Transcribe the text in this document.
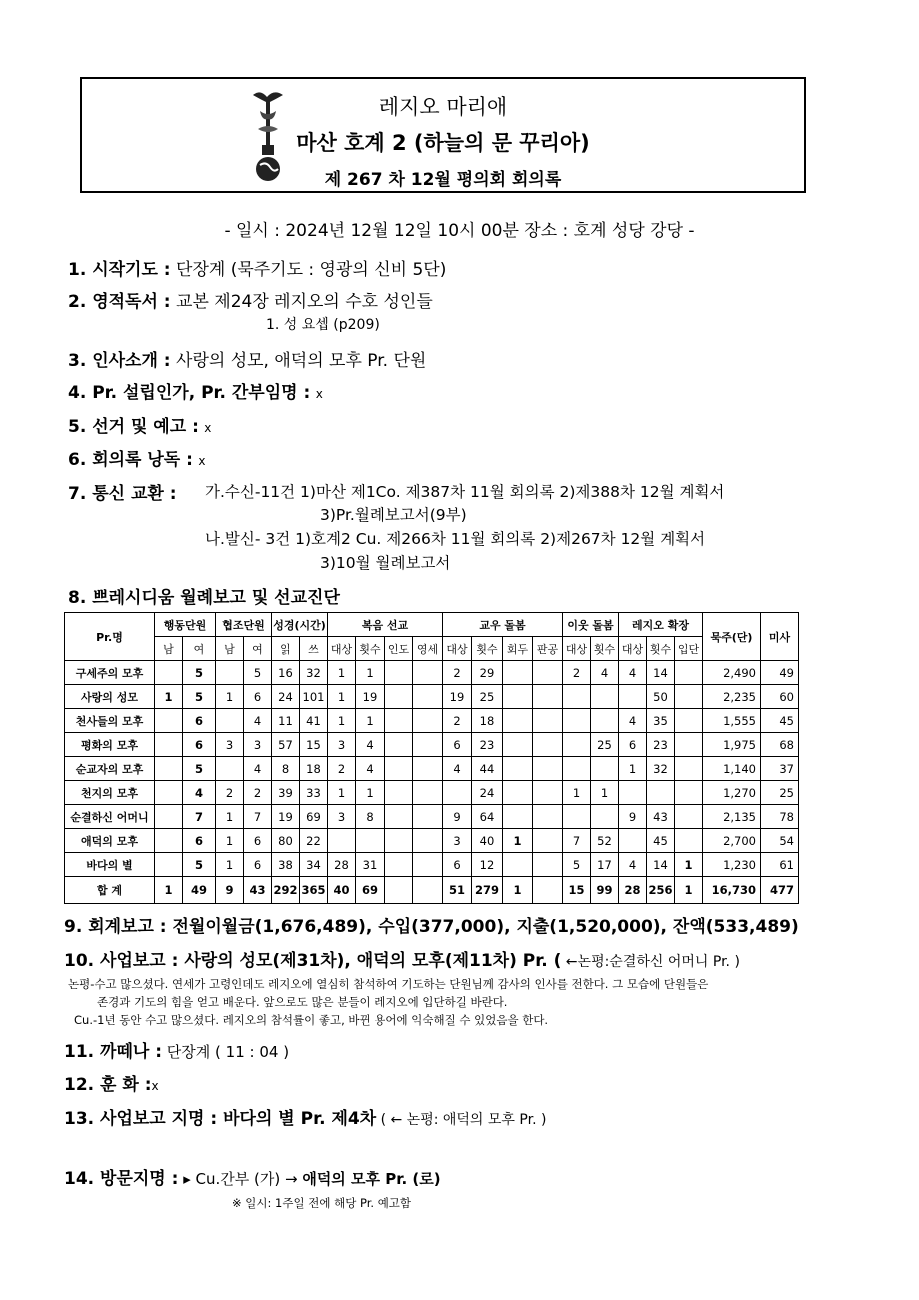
레지오 마리애
마산 호계 2 (하늘의 문 꾸리아)
제 267 차 12월 평의회 회의록
- 일시 : 2024년 12월 12일 10시 00분 장소 : 호계 성당 강당 -
1. 시작기도 : 단장계 (묵주기도 : 영광의 신비 5단)
2. 영적독서 : 교본 제24장 레지오의 수호 성인들
1. 성 요셉 (p209)
3. 인사소개 : 사랑의 성모, 애덕의 모후 Pr. 단원
4. Pr. 설립인가, Pr. 간부임명 : x
5. 선거 및 예고 : x
6. 회의록 낭독 : x
7. 통신 교환 : 가.수신-11건 1)마산 제1Co. 제387차 11월 회의록 2)제388차 12월 계획서
3)Pr.월례보고서(9부)
나.발신- 3건 1)호계2 Cu. 제266차 11월 회의록 2)제267차 12월 계획서
3)10월 월례보고서
8. 쁘레시디움 월례보고 및 선교진단
Pr.명	행동단원		협조단원		성경(시간)		복음 선교				교우 돌봄				이웃 돌봄		레지오 확장			묵주(단)	미사
	남	여	남	여	읽	쓰	대상	횟수	인도	영세	대상	횟수	회두	판공	대상	횟수	대상	횟수	입단		
구세주의 모후		5		5	16	32	1	1			2	29			2	4	4	14		2,490	49
사랑의 성모	1	5	1	6	24	101	1	19			19	25						50		2,235	60
천사들의 모후		6		4	11	41	1	1			2	18					4	35		1,555	45
평화의 모후		6	3	3	57	15	3	4			6	23				25	6	23		1,975	68
순교자의 모후		5		4	8	18	2	4			4	44					1	32		1,140	37
천지의 모후		4	2	2	39	33	1	1				24			1	1				1,270	25
순결하신 어머니		7	1	7	19	69	3	8			9	64					9	43		2,135	78
애덕의 모후		6	1	6	80	22					3	40	1		7	52		45		2,700	54
바다의 별		5	1	6	38	34	28	31			6	12			5	17	4	14	1	1,230	61
합 계	1	49	9	43	292	365	40	69			51	279	1		15	99	28	256	1	16,730	477
9. 회계보고 : 전월이월금(1,676,489), 수입(377,000), 지출(1,520,000), 잔액(533,489)
10. 사업보고 : 사랑의 성모(제31차), 애덕의 모후(제11차) Pr. ( ←논평:순결하신 어머니 Pr. )
논평-수고 많으셨다. 연세가 고령인데도 레지오에 열심히 참석하여 기도하는 단원님께 감사의 인사를 전한다. 그 모습에 단원들은
존경과 기도의 힘을 얻고 배운다. 앞으로도 많은 분들이 레지오에 입단하길 바란다.
Cu.-1년 동안 수고 많으셨다. 레지오의 참석률이 좋고, 바뀐 용어에 익숙해질 수 있었음을 한다.
11. 까떼나 : 단장계 ( 11 : 04 )
12. 훈 화 :x
13. 사업보고 지명 : 바다의 별 Pr. 제4차 ( ← 논평: 애덕의 모후 Pr. )
14. 방문지명 : ▸ Cu.간부 (가) → 애덕의 모후 Pr. (로)
※ 일시: 1주일 전에 해당 Pr. 예고함
